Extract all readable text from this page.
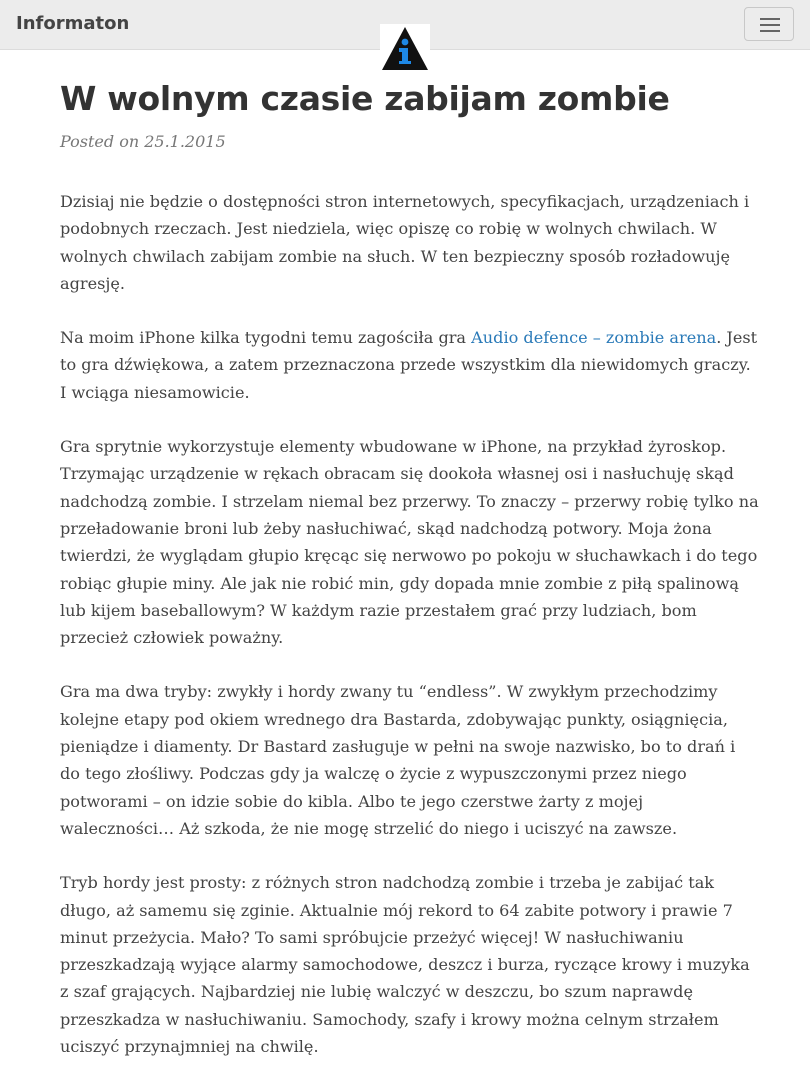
Informaton
W wolnym czasie zabijam zombie
Posted on 25.1.2015

Dzisiaj nie będzie o dostępności stron internetowych, specyfikacjach, urządzeniach i podobnych rzeczach. Jest niedziela, więc opiszę co robię w wolnych chwilach. W wolnych chwilach zabijam zombie na słuch. W ten bezpieczny sposób rozładowuję agresję.

Na moim iPhone kilka tygodni temu zagościła gra Audio defence – zombie arena. Jest to gra dźwiękowa, a zatem przeznaczona przede wszystkim dla niewidomych graczy. I wciąga niesamowicie.

Gra sprytnie wykorzystuje elementy wbudowane w iPhone, na przykład żyroskop. Trzymając urządzenie w rękach obracam się dookoła własnej osi i nasłuchuję skąd nadchodzą zombie. I strzelam niemal bez przerwy. To znaczy – przerwy robię tylko na przeładowanie broni lub żeby nasłuchiwać, skąd nadchodzą potwory. Moja żona twierdzi, że wyglądam głupio kręcąc się nerwowo po pokoju w słuchawkach i do tego robiąc głupie miny. Ale jak nie robić min, gdy dopada mnie zombie z piłą spalinową lub kijem baseballowym? W każdym razie przestałem grać przy ludziach, bom przecież człowiek poważny.

Gra ma dwa tryby: zwykły i hordy zwany tu “endless”. W zwykłym przechodzimy kolejne etapy pod okiem wrednego dra Bastarda, zdobywając punkty, osiągnięcia, pieniądze i diamenty. Dr Bastard zasługuje w pełni na swoje nazwisko, bo to drań i do tego złośliwy. Podczas gdy ja walczę o życie z wypuszczonymi przez niego potworami – on idzie sobie do kibla. Albo te jego czerstwe żarty z mojej waleczności… Aż szkoda, że nie mogę strzelić do niego i uciszyć na zawsze.

Tryb hordy jest prosty: z różnych stron nadchodzą zombie i trzeba je zabijać tak długo, aż samemu się zginie. Aktualnie mój rekord to 64 zabite potwory i prawie 7 minut przeżycia. Mało? To sami spróbujcie przeżyć więcej! W nasłuchiwaniu przeszkadzają wyjące alarmy samochodowe, deszcz i burza, ryczące krowy i muzyka z szaf grających. Najbardziej nie lubię walczyć w deszczu, bo szum naprawdę przeszkadza w nasłuchiwaniu. Samochody, szafy i krowy można celnym strzałem uciszyć przynajmniej na chwilę.
